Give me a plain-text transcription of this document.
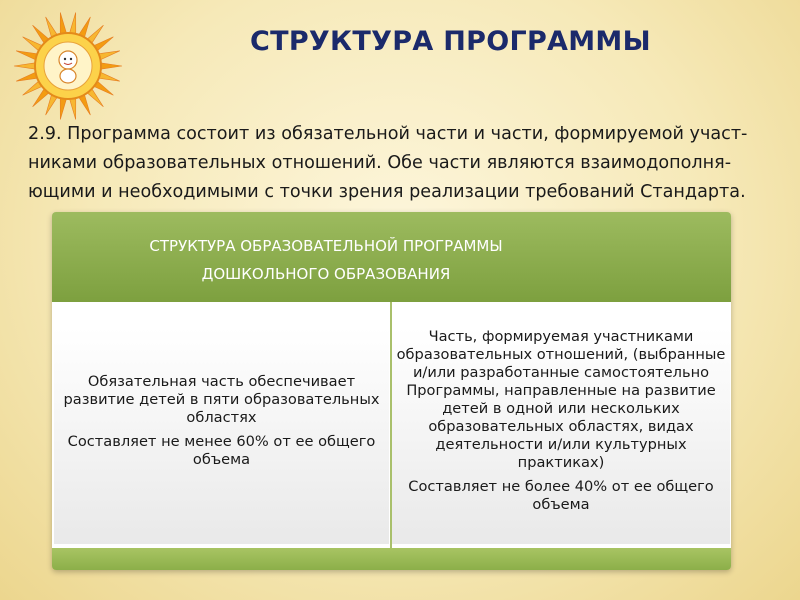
СТРУКТУРА ПРОГРАММЫ
2.9. Программа состоит из обязательной части и части, формируемой участ-
никами образовательных отношений. Обе части являются взаимодополня-
ющими и необходимыми с точки зрения реализации требований Стандарта.
СТРУКТУРА ОБРАЗОВАТЕЛЬНОЙ ПРОГРАММЫ
ДОШКОЛЬНОГО ОБРАЗОВАНИЯ

Обязательная часть обеспечивает развитие детей в пяти образовательных областях

Составляет не менее 60% от ее общего объема

Часть, формируемая участниками образовательных отношений, (выбранные и/или разработанные самостоятельно Программы, направленные на развитие детей в одной или нескольких образовательных областях, видах деятельности и/или культурных практиках)

Составляет не более 40% от ее общего объема
